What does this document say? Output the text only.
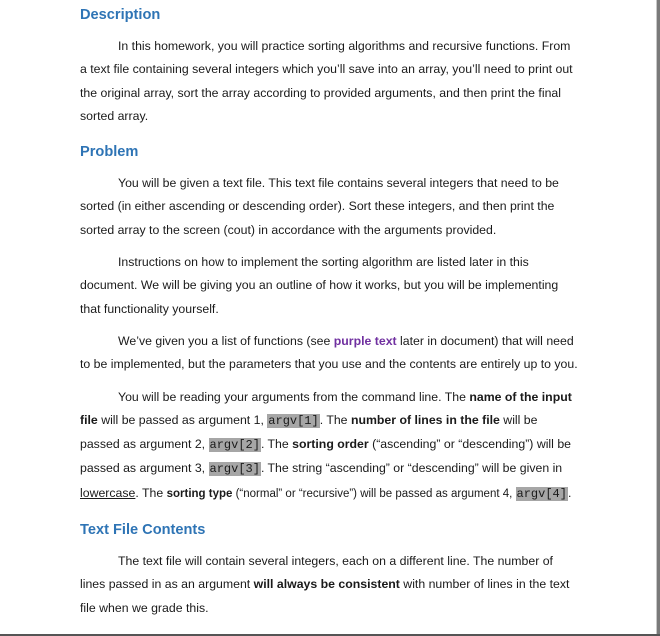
Description

In this homework, you will practice sorting algorithms and recursive functions. From a text file containing several integers which you’ll save into an array, you’ll need to print out the original array, sort the array according to provided arguments, and then print the final sorted array.

Problem

You will be given a text file. This text file contains several integers that need to be sorted (in either ascending or descending order). Sort these integers, and then print the sorted array to the screen (cout) in accordance with the arguments provided.

Instructions on how to implement the sorting algorithm are listed later in this document. We will be giving you an outline of how it works, but you will be implementing that functionality yourself.

We’ve given you a list of functions (see purple text later in document) that will need to be implemented, but the parameters that you use and the contents are entirely up to you.

You will be reading your arguments from the command line. The name of the input file will be passed as argument 1, argv[1]. The number of lines in the file will be passed as argument 2, argv[2]. The sorting order (“ascending” or “descending”) will be passed as argument 3, argv[3]. The string “ascending” or “descending” will be given in lowercase. The sorting type (“normal” or “recursive”) will be passed as argument 4, argv[4].

Text File Contents

The text file will contain several integers, each on a different line. The number of lines passed in as an argument will always be consistent with number of lines in the text file when we grade this.
